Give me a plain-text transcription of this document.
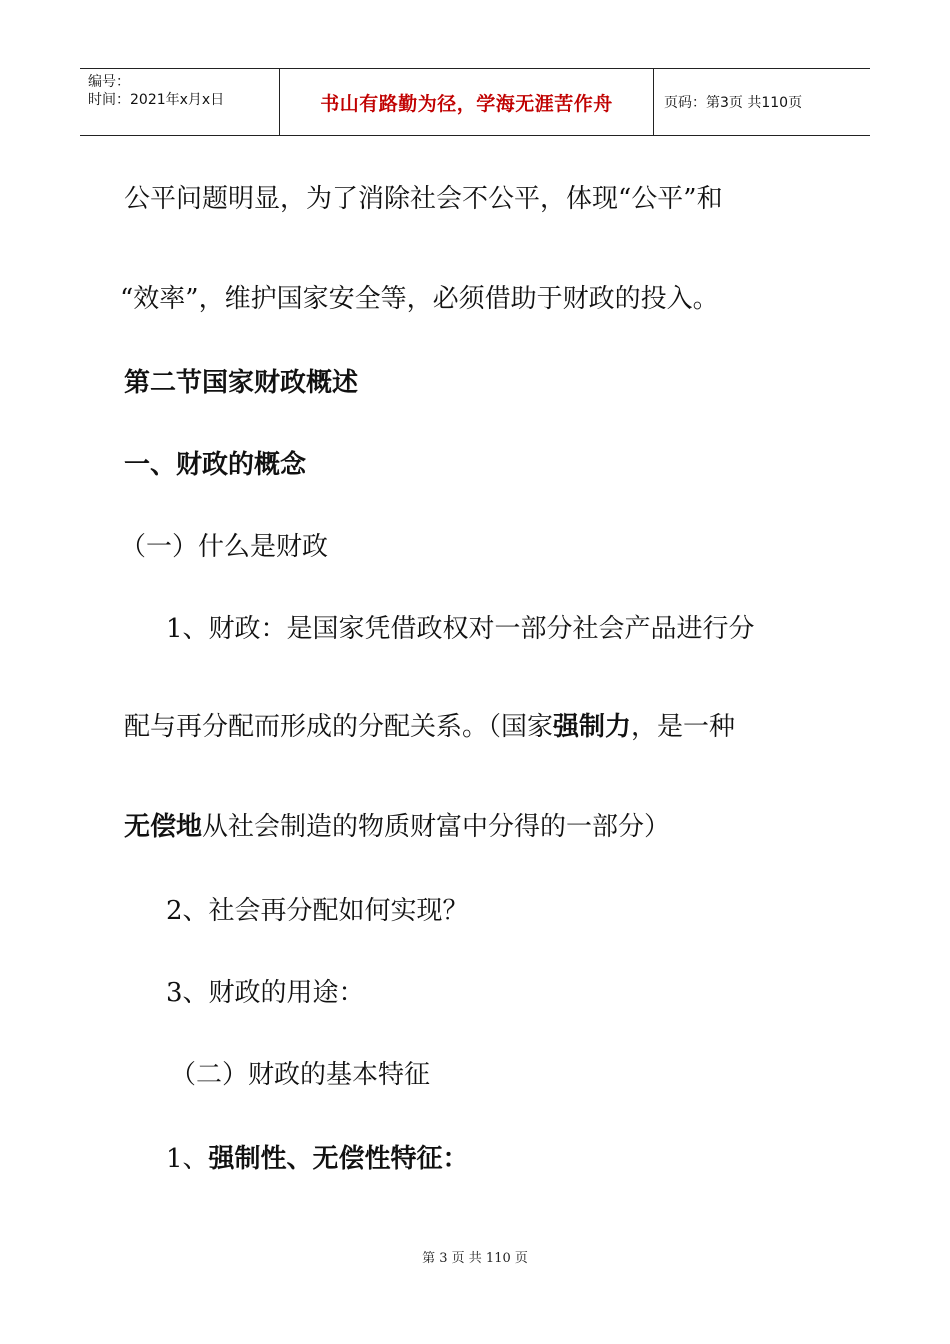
编号：
时间：2021年x月x日	书山有路勤为径，学海无涯苦作舟	页码：第3页 共110页
公平问题明显，为了消除社会不公平，体现“公平”和
“效率”，维护国家安全等，必须借助于财政的投入。
第二节国家财政概述
一、财政的概念
（一）什么是财政
1、财政：是国家凭借政权对一部分社会产品进行分
配与再分配而形成的分配关系。（国家强制力，是一种
无偿地从社会制造的物质财富中分得的一部分）
2、社会再分配如何实现？
3、财政的用途：
（二）财政的基本特征
1、强制性、无偿性特征：
第 3 页 共 110 页
